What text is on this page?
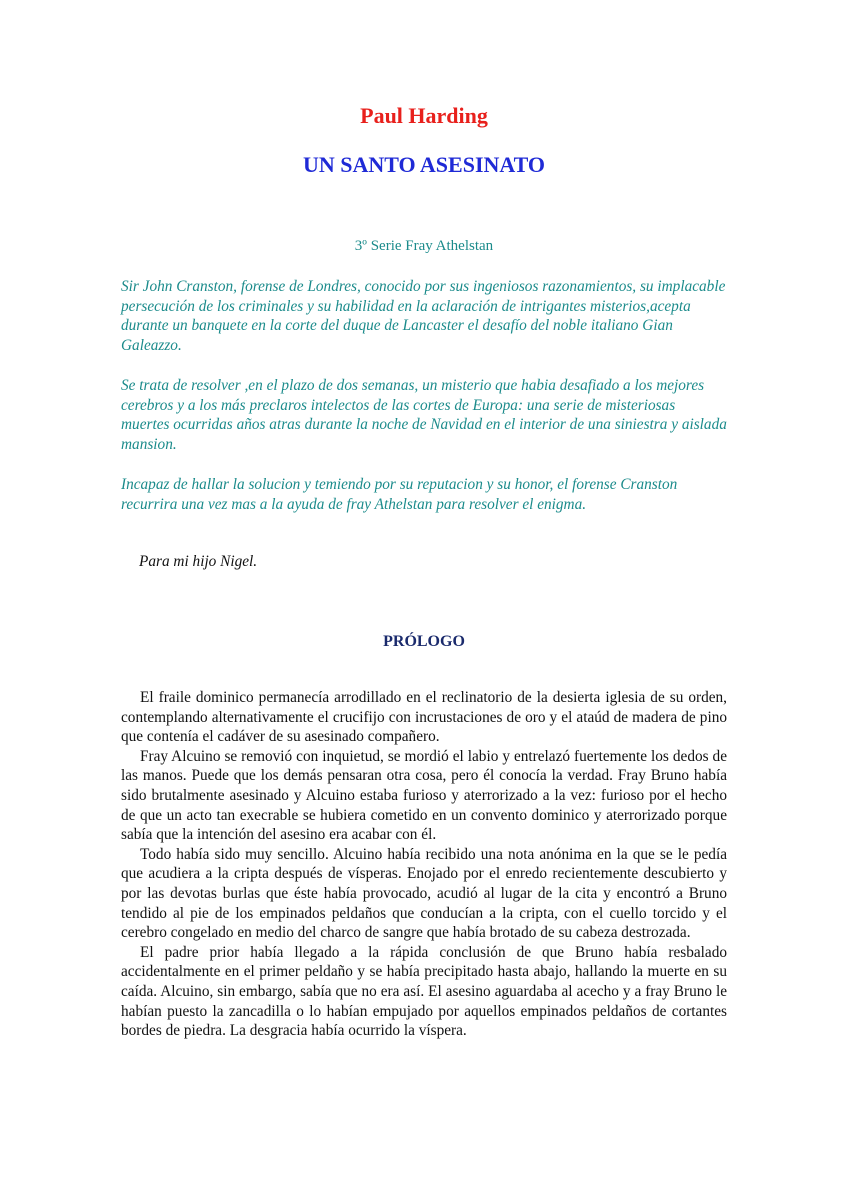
Paul Harding
UN SANTO ASESINATO
3º Serie Fray Athelstan

Sir John Cranston, forense de Londres, conocido por sus ingeniosos razonamientos, su implacable persecución de los criminales y su habilidad en la aclaración de intrigantes misterios,acepta durante un banquete en la corte del duque de Lancaster el desafío del noble italiano Gian Galeazzo.

Se trata de resolver ,en el plazo de dos semanas, un misterio que habia desafiado a los mejores cerebros y a los más preclaros intelectos de las cortes de Europa: una serie de misteriosas muertes ocurridas años atras durante la noche de Navidad en el interior de una siniestra y aislada mansion.

Incapaz de hallar la solucion y temiendo por su reputacion y su honor, el forense Cranston recurrira una vez mas a la ayuda de fray Athelstan para resolver el enigma.

Para mi hijo Nigel.
PRÓLOGO

El fraile dominico permanecía arrodillado en el reclinatorio de la desierta iglesia de su orden, contemplando alternativamente el crucifijo con incrustaciones de oro y el ataúd de madera de pino que contenía el cadáver de su asesinado compañero.

Fray Alcuino se removió con inquietud, se mordió el labio y entrelazó fuertemente los dedos de las manos. Puede que los demás pensaran otra cosa, pero él conocía la verdad. Fray Bruno había sido brutalmente asesinado y Alcuino estaba furioso y aterrorizado a la vez: furioso por el hecho de que un acto tan execrable se hubiera cometido en un convento dominico y aterrorizado porque sabía que la intención del asesino era acabar con él.

Todo había sido muy sencillo. Alcuino había recibido una nota anónima en la que se le pedía que acudiera a la cripta después de vísperas. Enojado por el enredo recientemente descubierto y por las devotas burlas que éste había provocado, acudió al lugar de la cita y encontró a Bruno tendido al pie de los empinados peldaños que conducían a la cripta, con el cuello torcido y el cerebro congelado en medio del charco de sangre que había brotado de su cabeza destrozada.

El padre prior había llegado a la rápida conclusión de que Bruno había resbalado accidentalmente en el primer peldaño y se había precipitado hasta abajo, hallando la muerte en su caída. Alcuino, sin embargo, sabía que no era así. El asesino aguardaba al acecho y a fray Bruno le habían puesto la zancadilla o lo habían empujado por aquellos empinados peldaños de cortantes bordes de piedra. La desgracia había ocurrido la víspera.
